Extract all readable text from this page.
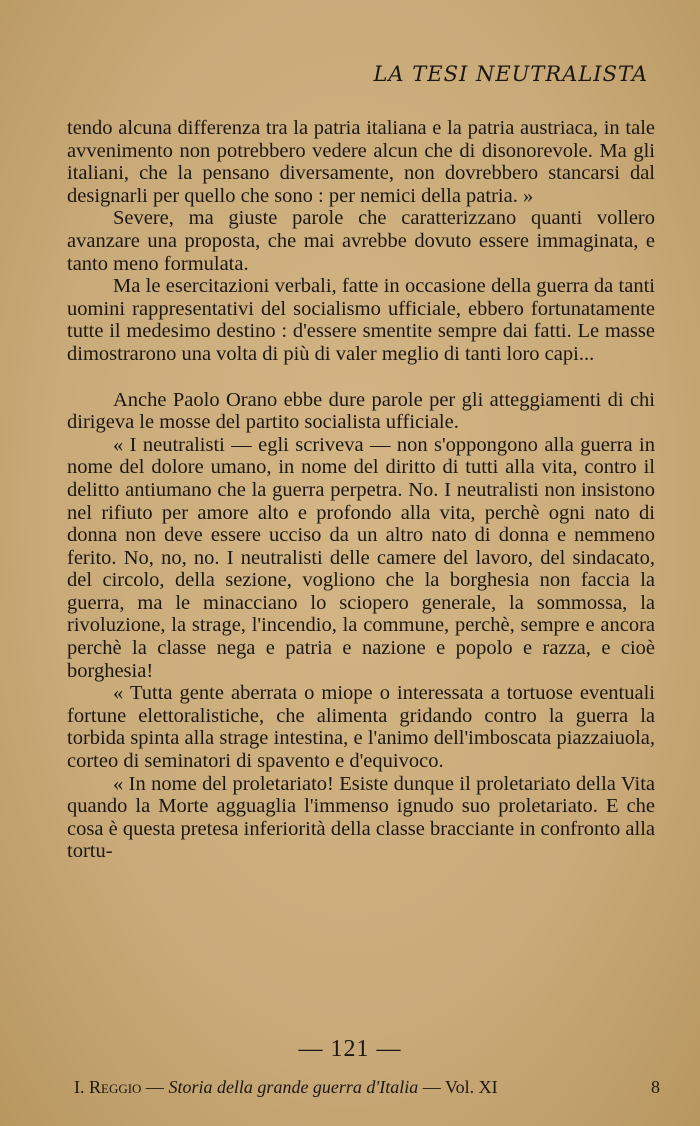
LA TESI NEUTRALISTA

tendo alcuna differenza tra la patria italiana e la patria austriaca, in tale avvenimento non potrebbero vedere alcun che di disonorevole. Ma gli italiani, che la pensano diversamente, non dovrebbero stancarsi dal designarli per quello che sono : per nemici della patria. »

Severe, ma giuste parole che caratterizzano quanti vollero avanzare una proposta, che mai avrebbe dovuto essere immaginata, e tanto meno formulata.

Ma le esercitazioni verbali, fatte in occasione della guerra da tanti uomini rappresentativi del socialismo ufficiale, ebbero fortunatamente tutte il medesimo destino : d'essere smentite sempre dai fatti. Le masse dimostrarono una volta di più di valer meglio di tanti loro capi...

Anche Paolo Orano ebbe dure parole per gli atteggiamenti di chi dirigeva le mosse del partito socialista ufficiale.

« I neutralisti — egli scriveva — non s'oppongono alla guerra in nome del dolore umano, in nome del diritto di tutti alla vita, contro il delitto antiumano che la guerra perpetra. No. I neutralisti non insistono nel rifiuto per amore alto e profondo alla vita, perchè ogni nato di donna non deve essere ucciso da un altro nato di donna e nemmeno ferito. No, no, no. I neutralisti delle camere del lavoro, del sindacato, del circolo, della sezione, vogliono che la borghesia non faccia la guerra, ma le minacciano lo sciopero generale, la sommossa, la rivoluzione, la strage, l'incendio, la commune, perchè, sempre e ancora perchè la classe nega e patria e nazione e popolo e razza, e cioè borghesia!

« Tutta gente aberrata o miope o interessata a tortuose eventuali fortune elettoralistiche, che alimenta gridando contro la guerra la torbida spinta alla strage intestina, e l'animo dell'imboscata piazzaiuola, corteo di seminatori di spavento e d'equivoco.

« In nome del proletariato! Esiste dunque il proletariato della Vita quando la Morte agguaglia l'immenso ignudo suo proletariato. E che cosa è questa pretesa inferiorità della classe bracciante in confronto alla tortu-

— 121 —
I. Reggio — Storia della grande guerra d'Italia — Vol. XI	8
